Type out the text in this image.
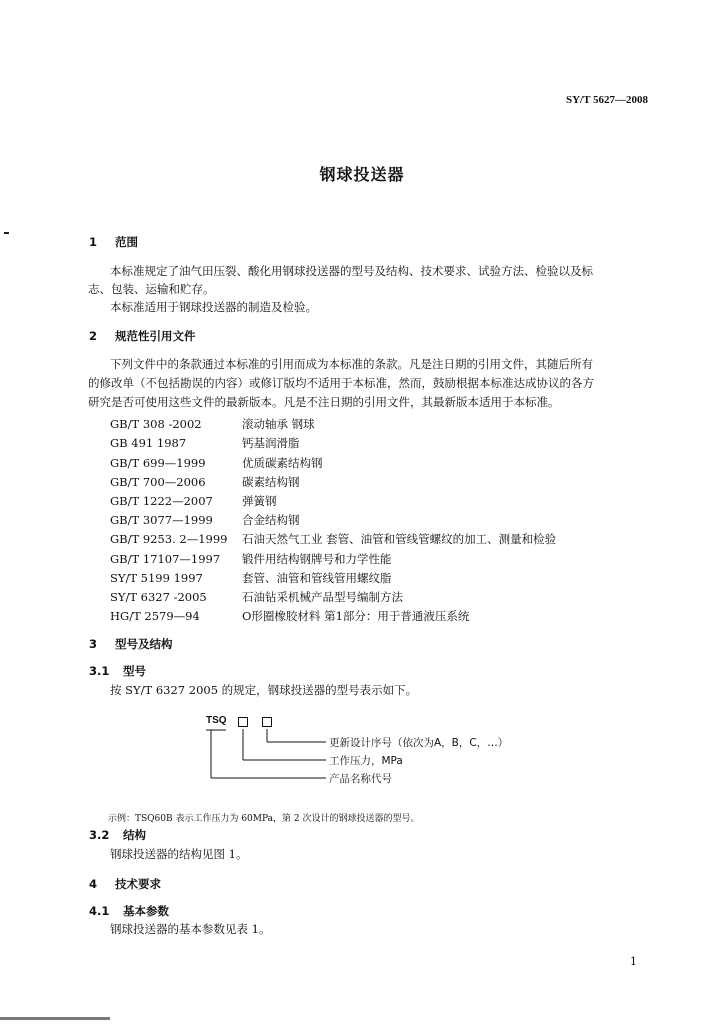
SY/T 5627—2008
钢球投送器
1 范围
本标准规定了油气田压裂、酸化用钢球投送器的型号及结构、技术要求、试验方法、检验以及标
志、包装、运输和贮存。
本标准适用于钢球投送器的制造及检验。
2 规范性引用文件
下列文件中的条款通过本标准的引用而成为本标准的条款。凡是注日期的引用文件，其随后所有
的修改单（不包括勘误的内容）或修订版均不适用于本标准，然而，鼓励根据本标准达成协议的各方
研究是否可使用这些文件的最新版本。凡是不注日期的引用文件，其最新版本适用于本标准。
GB/T 308 -2002	滚动轴承 钢球
GB 491 1987	钙基润滑脂
GB/T 699—1999	优质碳素结构钢
GB/T 700—2006	碳素结构钢
GB/T 1222—2007	弹簧钢
GB/T 3077—1999	合金结构钢
GB/T 9253. 2—1999 石油天然气工业 套管、油管和管线管螺纹的加工、测量和检验
GB/T 17107—1997 锻件用结构钢牌号和力学性能
SY/T 5199 1997	套管、油管和管线管用螺纹脂
SY/T 6327 -2005	石油钻采机械产品型号编制方法
HG/T 2579—94	O形圈橡胶材料 第1部分：用于普通液压系统
3 型号及结构
3.1 型号
按 SY/T 6327 2005 的规定，钢球投送器的型号表示如下。
TSQ
更新设计序号（依次为A，B，C，…）
工作压力，MPa
产品名称代号
示例：TSQ60B 表示工作压力为 60MPa，第 2 次设计的钢球投送器的型号。
3.2 结构
钢球投送器的结构见图 1。
4 技术要求
4.1 基本参数
钢球投送器的基本参数见表 1。
1
